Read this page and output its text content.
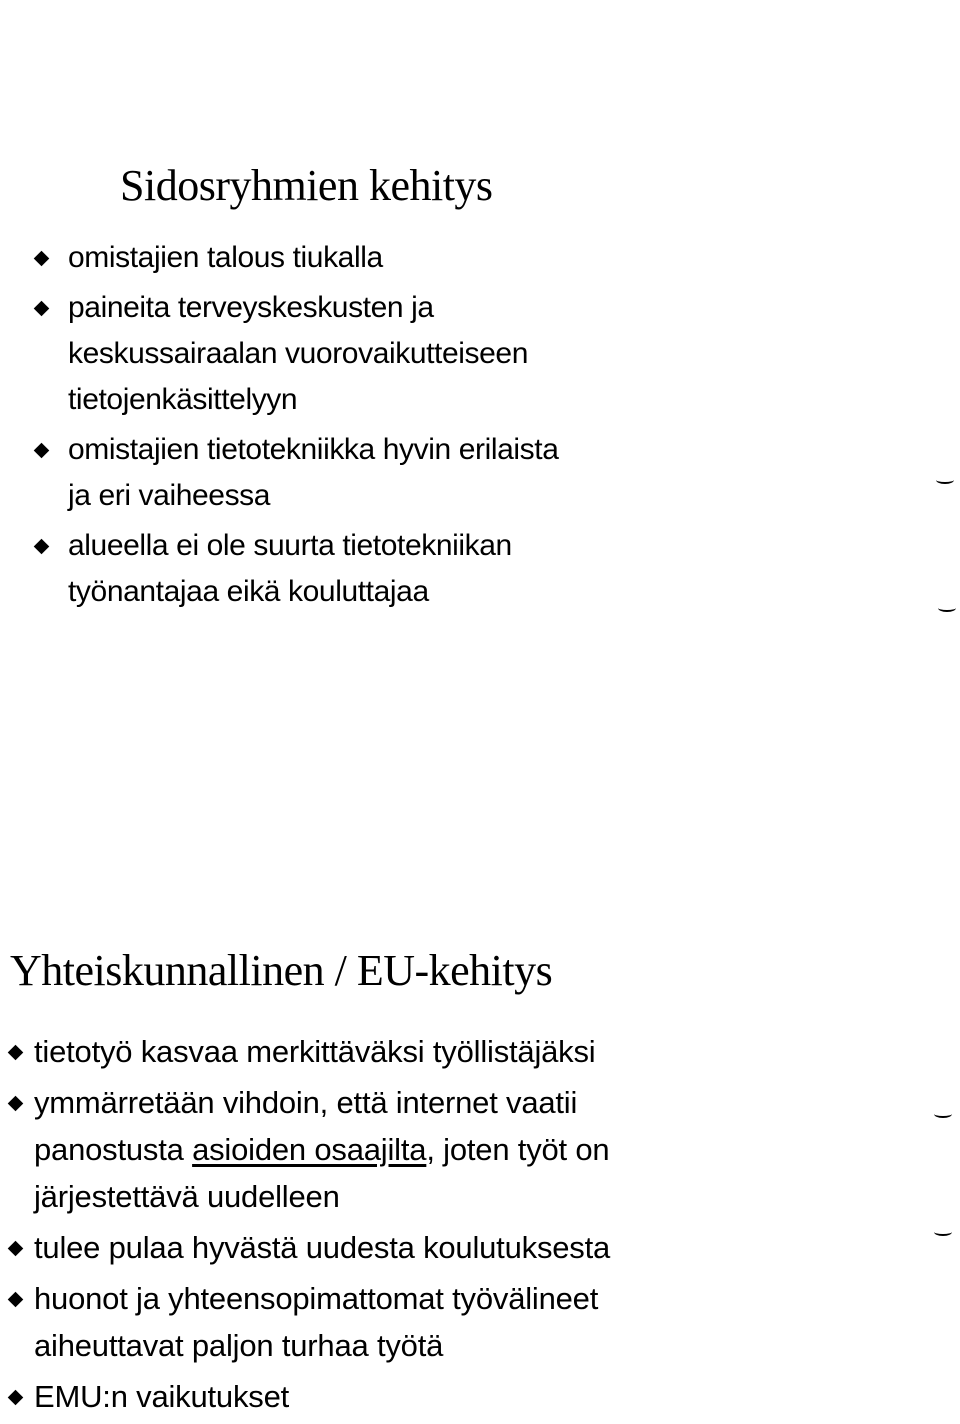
Sidosryhmien kehitys
omistajien talous tiukalla
paineita terveyskeskusten ja
keskussairaalan vuorovaikutteiseen
tietojenkäsittelyyn
omistajien tietotekniikka hyvin erilaista
ja eri vaiheessa
alueella ei ole suurta tietotekniikan
työnantajaa eikä kouluttajaa
Yhteiskunnallinen / EU-kehitys
tietotyö kasvaa merkittäväksi työllistäjäksi
ymmärretään vihdoin, että internet vaatii
panostusta asioiden osaajilta, joten työt on
järjestettävä uudelleen
tulee pulaa hyvästä uudesta koulutuksesta
huonot ja yhteensopimattomat työvälineet
aiheuttavat paljon turhaa työtä
EMU:n vaikutukset
